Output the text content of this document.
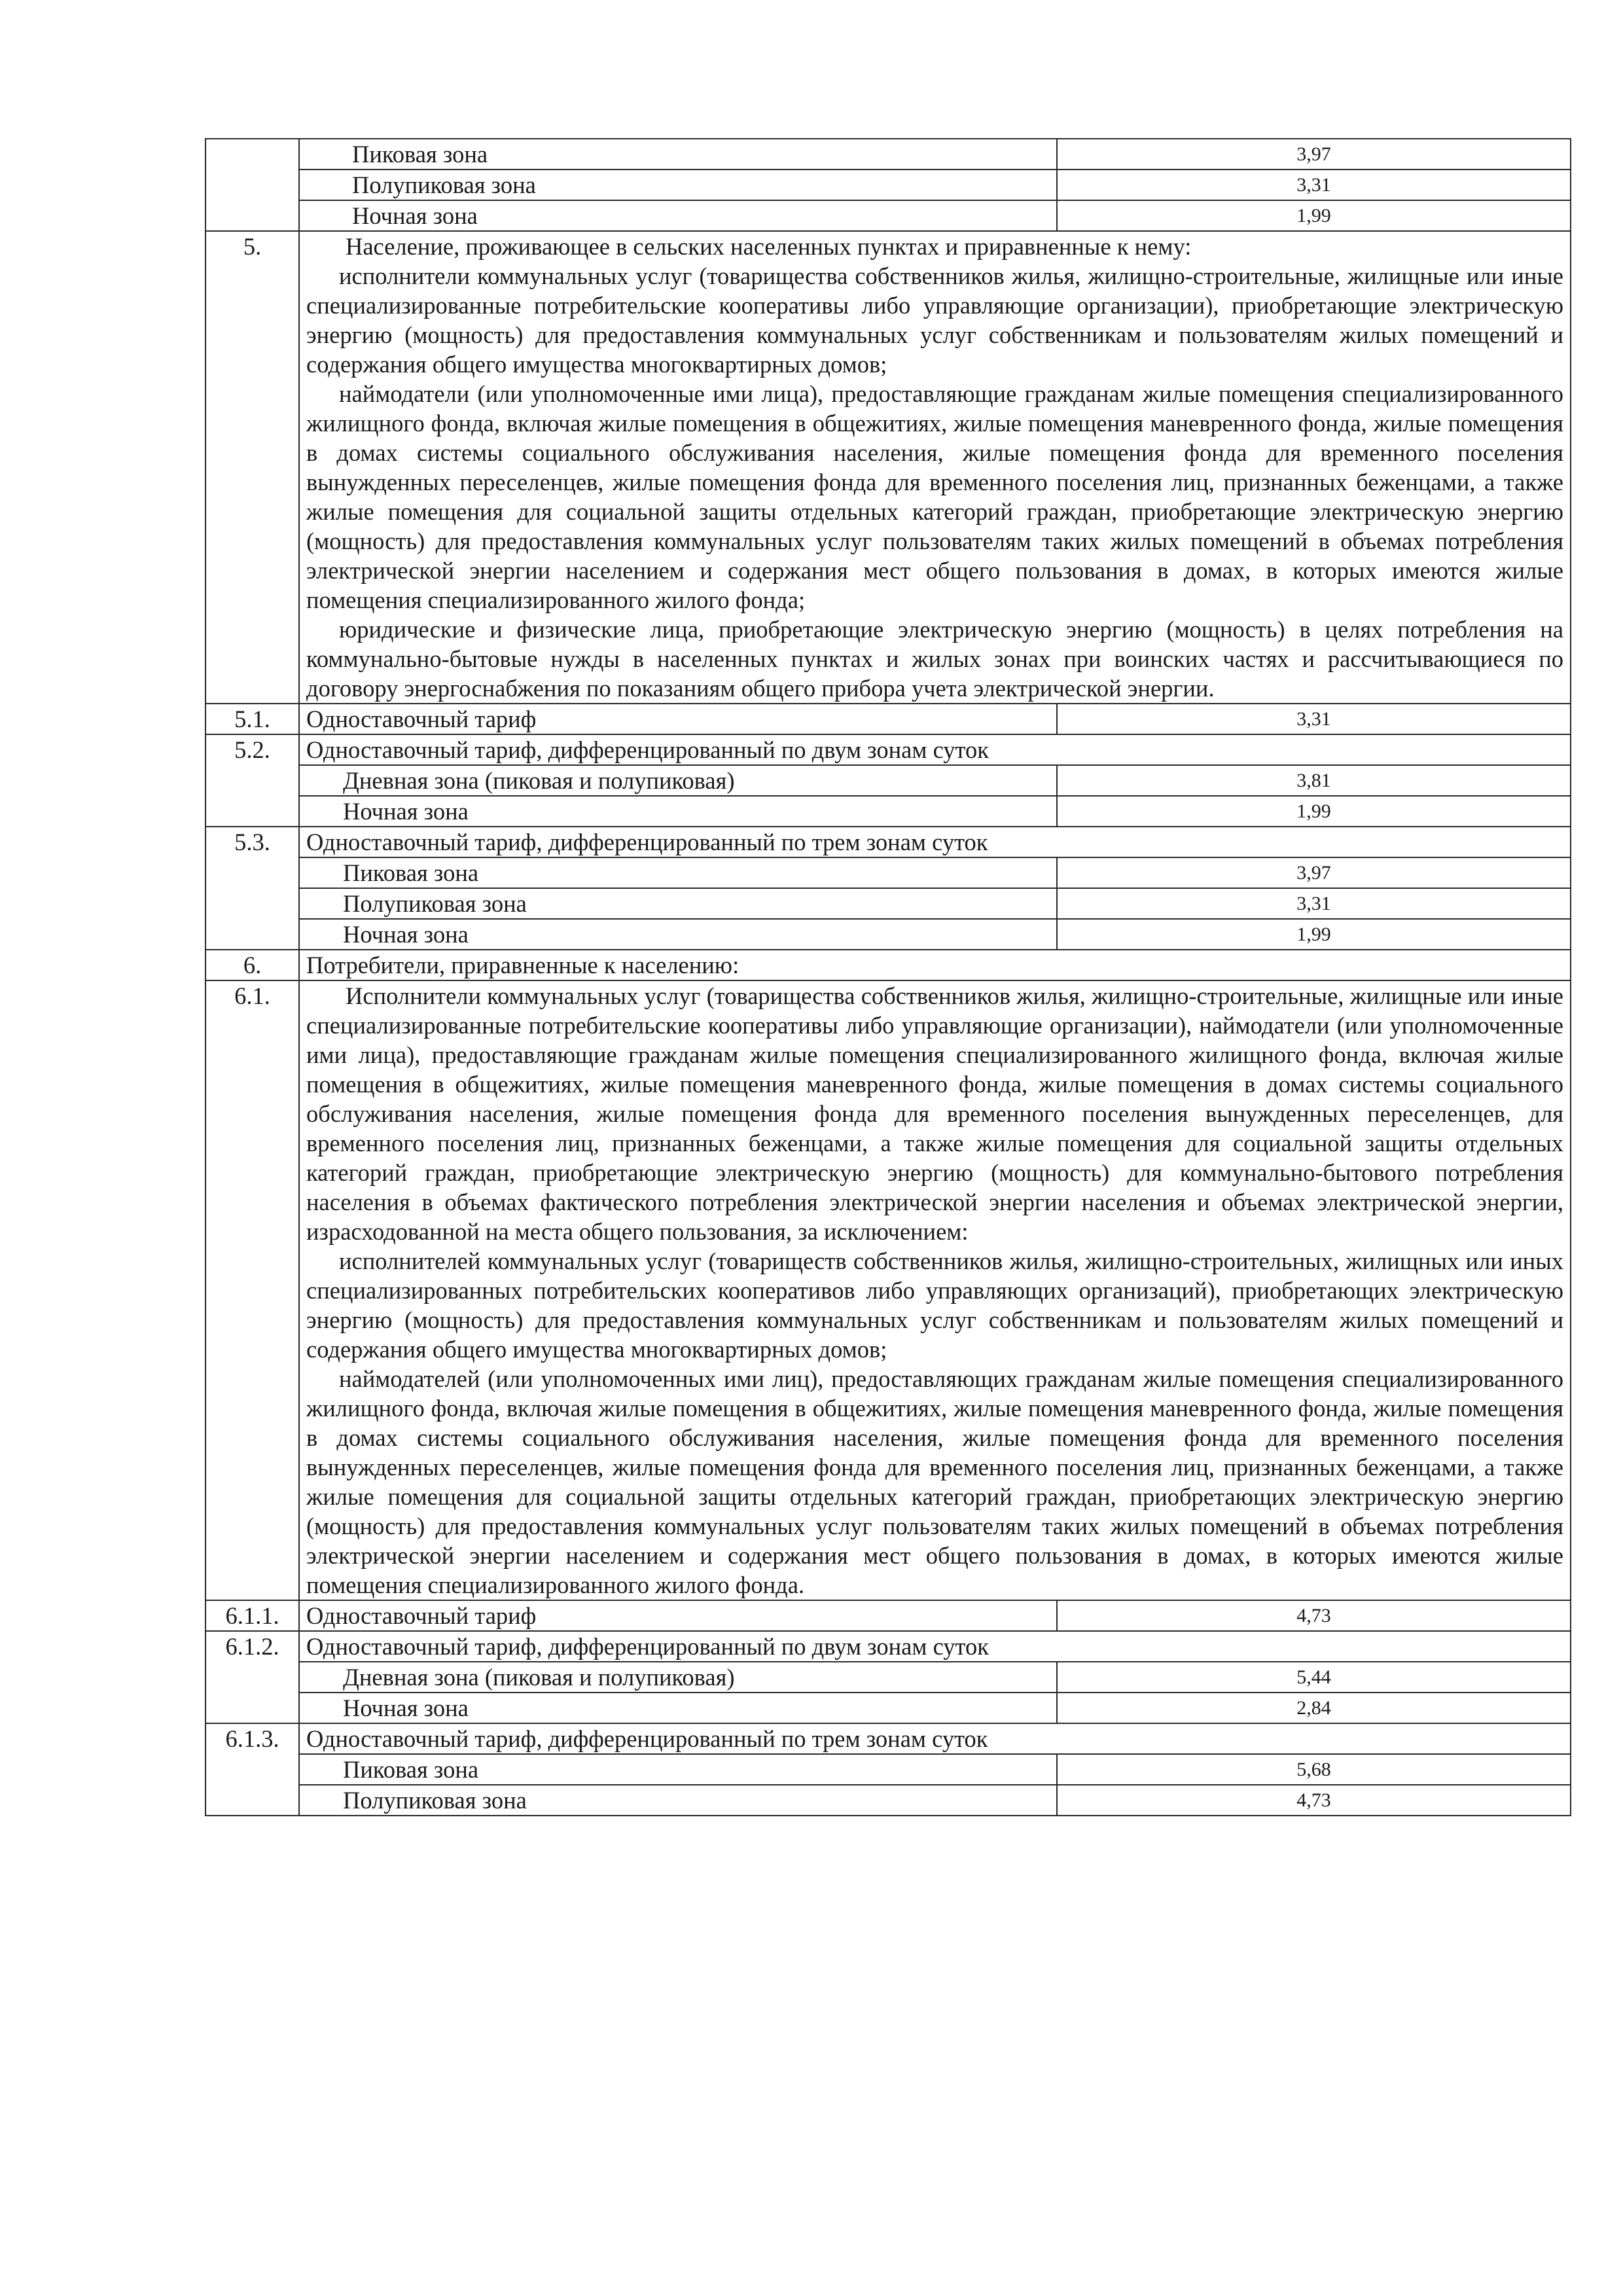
	Пиковая зона	3,97
	Полупиковая зона	3,31
	Ночная зона	1,99
5.	Население, проживающее в сельских населенных пунктах и приравненные к нему:

исполнители коммунальных услуг (товарищества собственников жилья, жилищно-строительные, жилищные или иные специализированные потребительские кооперативы либо управляющие организации), приобретающие электрическую энергию (мощность) для предоставления коммунальных услуг собственникам и пользователям жилых помещений и содержания общего имущества многоквартирных домов;

наймодатели (или уполномоченные ими лица), предоставляющие гражданам жилые помещения специализированного жилищного фонда, включая жилые помещения в общежитиях, жилые помещения маневренного фонда, жилые помещения в домах системы социального обслуживания населения, жилые помещения фонда для временного поселения вынужденных переселенцев, жилые помещения фонда для временного поселения лиц, признанных беженцами, а также жилые помещения для социальной защиты отдельных категорий граждан, приобретающие электрическую энергию (мощность) для предоставления коммунальных услуг пользователям таких жилых помещений в объемах потребления электрической энергии населением и содержания мест общего пользования в домах, в которых имеются жилые помещения специализированного жилого фонда;

юридические и физические лица, приобретающие электрическую энергию (мощность) в целях потребления на коммунально-бытовые нужды в населенных пунктах и жилых зонах при воинских частях и рассчитывающиеся по договору энергоснабжения по показаниям общего прибора учета электрической энергии.	

5.1.	Одноставочный тариф	3,31
5.2.	Одноставочный тариф, дифференцированный по двум зонам суток	
	Дневная зона (пиковая и полупиковая)	3,81
	Ночная зона	1,99
5.3.	Одноставочный тариф, дифференцированный по трем зонам суток	
	Пиковая зона	3,97
	Полупиковая зона	3,31
	Ночная зона	1,99
6.	Потребители, приравненные к населению:	
6.1.	Исполнители коммунальных услуг (товарищества собственников жилья, жилищно-строительные, жилищные или иные специализированные потребительские кооперативы либо управляющие организации), наймодатели (или уполномоченные ими лица), предоставляющие гражданам жилые помещения специализированного жилищного фонда, включая жилые помещения в общежитиях, жилые помещения маневренного фонда, жилые помещения в домах системы социального обслуживания населения, жилые помещения фонда для временного поселения вынужденных переселенцев, для временного поселения лиц, признанных беженцами, а также жилые помещения для социальной защиты отдельных категорий граждан, приобретающие электрическую энергию (мощность) для коммунально-бытового потребления населения в объемах фактического потребления электрической энергии населения и объемах электрической энергии, израсходованной на места общего пользования, за исключением:

исполнителей коммунальных услуг (товариществ собственников жилья, жилищно-строительных, жилищных или иных специализированных потребительских кооперативов либо управляющих организаций), приобретающих электрическую энергию (мощность) для предоставления коммунальных услуг собственникам и пользователям жилых помещений и содержания общего имущества многоквартирных домов;

наймодателей (или уполномоченных ими лиц), предоставляющих гражданам жилые помещения специализированного жилищного фонда, включая жилые помещения в общежитиях, жилые помещения маневренного фонда, жилые помещения в домах системы социального обслуживания населения, жилые помещения фонда для временного поселения вынужденных переселенцев, жилые помещения фонда для временного поселения лиц, признанных беженцами, а также жилые помещения для социальной защиты отдельных категорий граждан, приобретающих электрическую энергию (мощность) для предоставления коммунальных услуг пользователям таких жилых помещений в объемах потребления электрической энергии населением и содержания мест общего пользования в домах, в которых имеются жилые помещения специализированного жилого фонда.	

6.1.1.	Одноставочный тариф	4,73
6.1.2.	Одноставочный тариф, дифференцированный по двум зонам суток	
	Дневная зона (пиковая и полупиковая)	5,44
	Ночная зона	2,84
6.1.3.	Одноставочный тариф, дифференцированный по трем зонам суток	
	Пиковая зона	5,68
	Полупиковая зона	4,73
